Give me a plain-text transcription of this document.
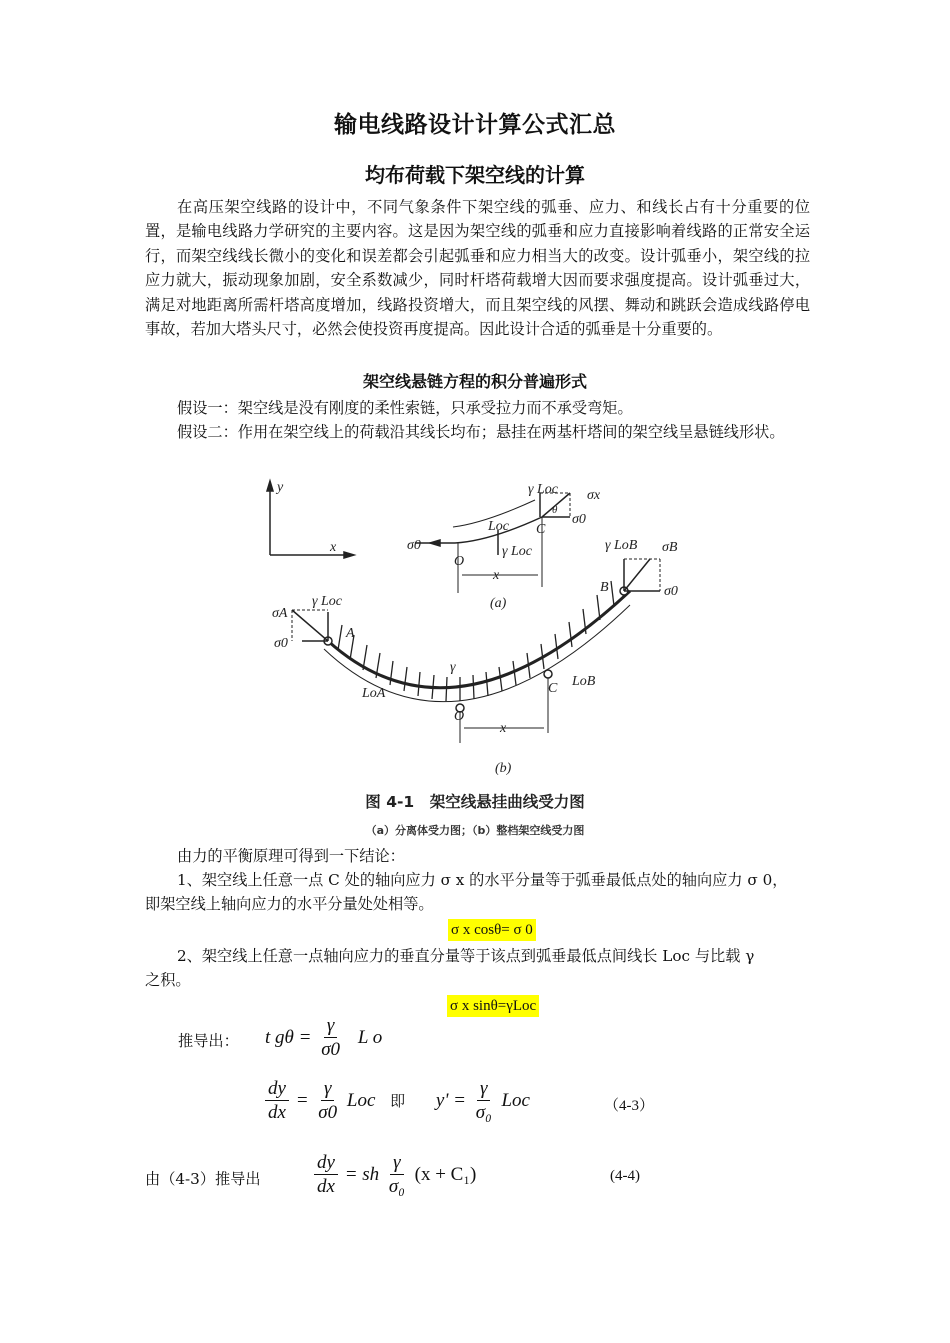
输电线路设计计算公式汇总
均布荷载下架空线的计算
在高压架空线路的设计中，不同气象条件下架空线的弧垂、应力、和线长占有十分重要的位置，是输电线路力学研究的主要内容。这是因为架空线的弧垂和应力直接影响着线路的正常安全运行，而架空线线长微小的变化和误差都会引起弧垂和应力相当大的改变。设计弧垂小，架空线的拉应力就大，振动现象加剧，安全系数减少，同时杆塔荷载增大因而要求强度提高。设计弧垂过大，满足对地距离所需杆塔高度增加，线路投资增大，而且架空线的风摆、舞动和跳跃会造成线路停电事故，若加大塔头尺寸，必然会使投资再度提高。因此设计合适的弧垂是十分重要的。
架空线悬链方程的积分普遍形式
假设一：架空线是没有刚度的柔性索链，只承受拉力而不承受弯矩。
假设二：作用在架空线上的荷载沿其线长均布；悬挂在两基杆塔间的架空线呈悬链线形状。
y
x	σ0
γ Loc σx
θ
σ0
Loc C
γ Loc
O
x
(a)
γ LoB σB
B	σ0
γ Loc
σA
σ0
A
γ
LoA	C LoB
O
x
(b)
图 4-1　架空线悬挂曲线受力图
（a）分离体受力图；（b）整档架空线受力图
由力的平衡原理可得到一下结论：
1、架空线上任意一点 C 处的轴向应力 σ x 的水平分量等于弧垂最低点处的轴向应力 σ 0，
即架空线上轴向应力的水平分量处处相等。
σ x cosθ= σ 0
2、架空线上任意一点轴向应力的垂直分量等于该点到弧垂最低点间线长 Loc 与比载 γ
之积。
σ x sinθ=γLoc
推导出： t $g\theta = \frac{\gamma}{\sigma 0}$ L o
$\frac{dy}{dx} = \frac{\gamma}{\sigma 0}$ Loc 即 $y' = \frac{\gamma}{\text{σ₀}}$ Loc	（4-3）
由（4-3）推导出	$\frac{dy}{dx}$ = sh $\frac{\gamma}{\text{σ₀}} (x + C_1)$	(4-4)
